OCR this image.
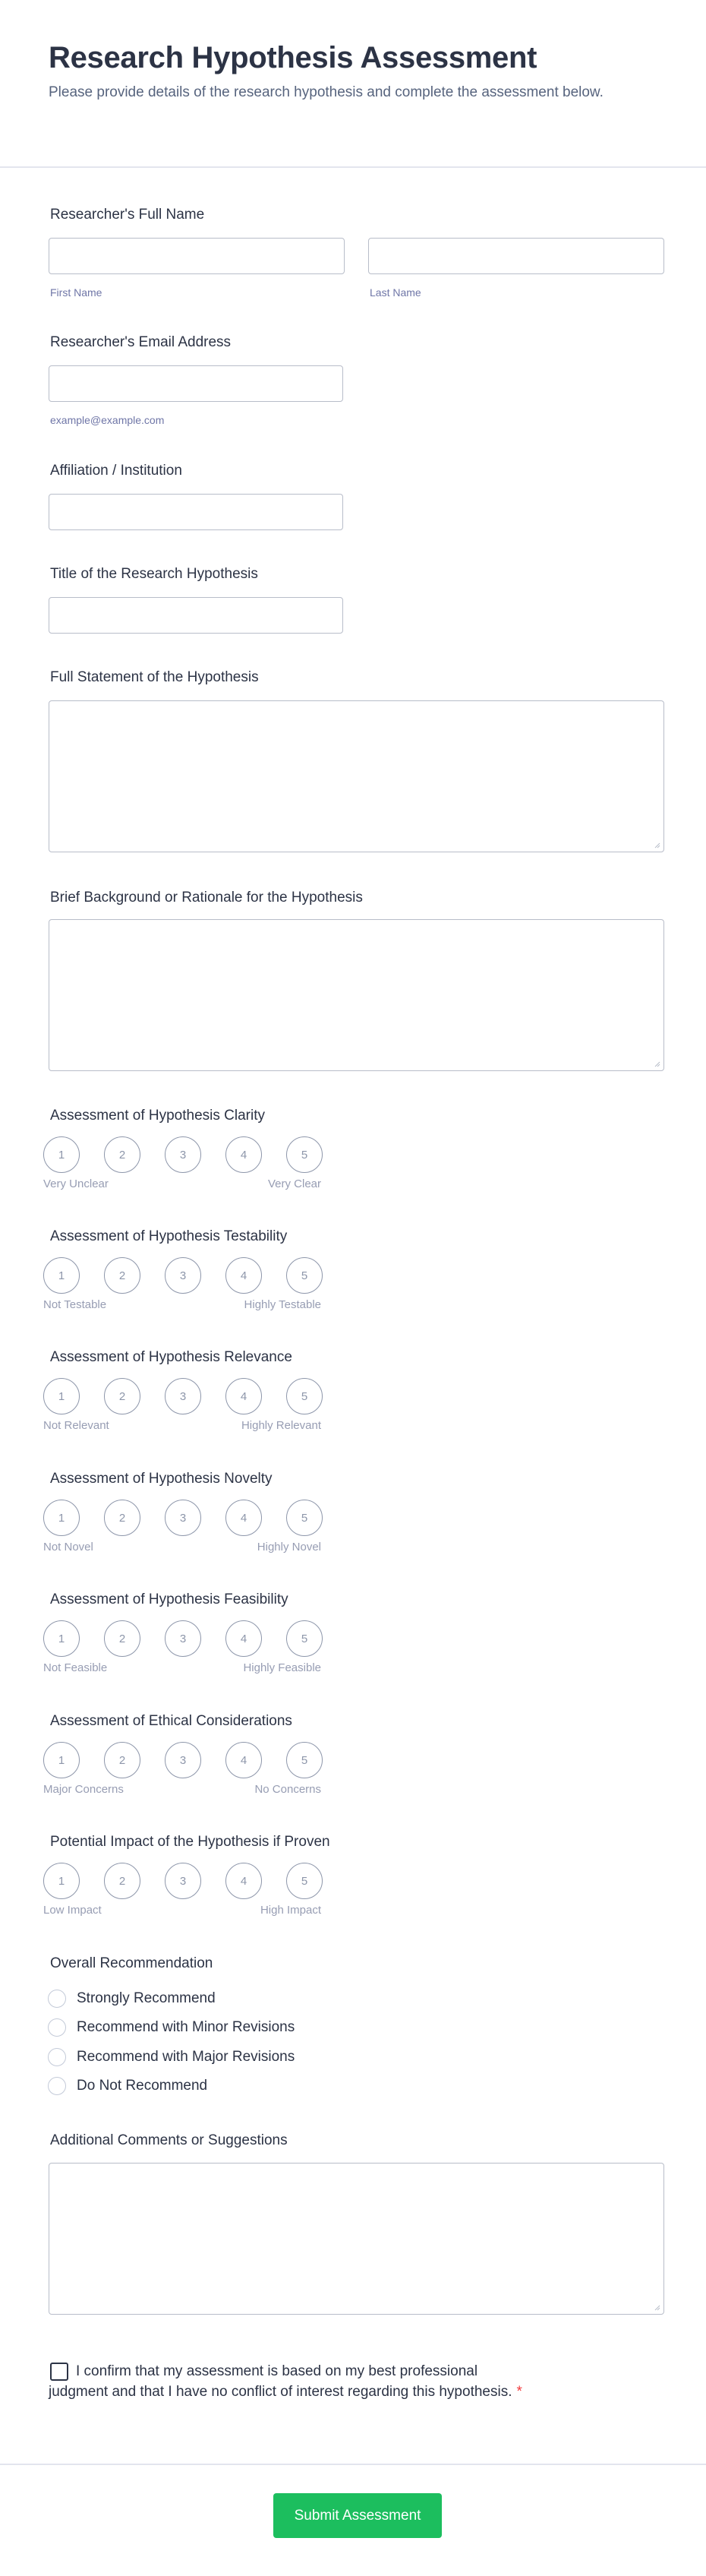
Research Hypothesis Assessment
Please provide details of the research hypothesis and complete the assessment below.
Researcher's Full Name
First Name	Last Name
Researcher's Email Address
example@example.com
Affiliation / Institution
Title of the Research Hypothesis
Full Statement of the Hypothesis
Brief Background or Rationale for the Hypothesis
Assessment of Hypothesis Clarity
1	2	3	4	5
Very Unclear	Very Clear
Assessment of Hypothesis Testability
1	2	3	4	5
Not Testable	Highly Testable
Assessment of Hypothesis Relevance
1	2	3	4	5
Not Relevant	Highly Relevant
Assessment of Hypothesis Novelty
1	2	3	4	5
Not Novel	Highly Novel
Assessment of Hypothesis Feasibility
1	2	3	4	5
Not Feasible	Highly Feasible
Assessment of Ethical Considerations
1	2	3	4	5
Major Concerns	No Concerns
Potential Impact of the Hypothesis if Proven
1	2	3	4	5
Low Impact	High Impact
Overall Recommendation
Strongly Recommend
Recommend with Minor Revisions
Recommend with Major Revisions
Do Not Recommend
Additional Comments or Suggestions
I confirm that my assessment is based on my best professional
judgment and that I have no conflict of interest regarding this hypothesis. *
Submit Assessment
